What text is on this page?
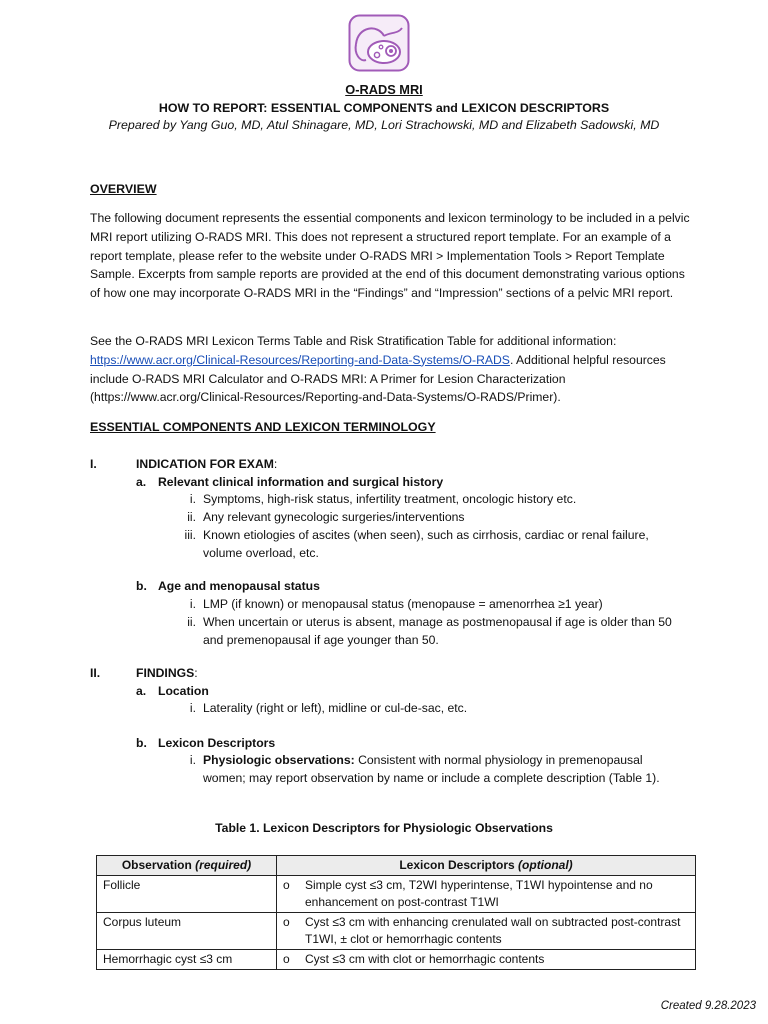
O-RADS MRI
HOW TO REPORT: ESSENTIAL COMPONENTS and LEXICON DESCRIPTORS
Prepared by Yang Guo, MD, Atul Shinagare, MD, Lori Strachowski, MD and Elizabeth Sadowski, MD
OVERVIEW
The following document represents the essential components and lexicon terminology to be included in a pelvic MRI report utilizing O-RADS MRI. This does not represent a structured report template. For an example of a report template, please refer to the website under O-RADS MRI > Implementation Tools > Report Template Sample. Excerpts from sample reports are provided at the end of this document demonstrating various options of how one may incorporate O-RADS MRI in the “Findings” and “Impression” sections of a pelvic MRI report.
See the O-RADS MRI Lexicon Terms Table and Risk Stratification Table for additional information: https://www.acr.org/Clinical-Resources/Reporting-and-Data-Systems/O-RADS. Additional helpful resources include O-RADS MRI Calculator and O-RADS MRI: A Primer for Lesion Characterization (https://www.acr.org/Clinical-Resources/Reporting-and-Data-Systems/O-RADS/Primer).
ESSENTIAL COMPONENTS AND LEXICON TERMINOLOGY
I.	INDICATION FOR EXAM:
a. Relevant clinical information and surgical history
i. Symptoms, high-risk status, infertility treatment, oncologic history etc.
ii. Any relevant gynecologic surgeries/interventions
iii. Known etiologies of ascites (when seen), such as cirrhosis, cardiac or renal failure, volume overload, etc.
b. Age and menopausal status
i. LMP (if known) or menopausal status (menopause = amenorrhea ≥1 year)
ii. When uncertain or uterus is absent, manage as postmenopausal if age is older than 50 and premenopausal if age younger than 50.
II.	FINDINGS:
a. Location
i. Laterality (right or left), midline or cul-de-sac, etc.
b. Lexicon Descriptors
i. Physiologic observations: Consistent with normal physiology in premenopausal women; may report observation by name or include a complete description (Table 1).
Table 1. Lexicon Descriptors for Physiologic Observations
Observation (required)	Lexicon Descriptors (optional)
Follicle	o Simple cyst ≤3 cm, T2WI hyperintense, T1WI hypointense and no enhancement on post-contrast T1WI
Corpus luteum	o Cyst ≤3 cm with enhancing crenulated wall on subtracted post-contrast T1WI, ± clot or hemorrhagic contents
Hemorrhagic cyst ≤3 cm	o Cyst ≤3 cm with clot or hemorrhagic contents
Created 9.28.2023
